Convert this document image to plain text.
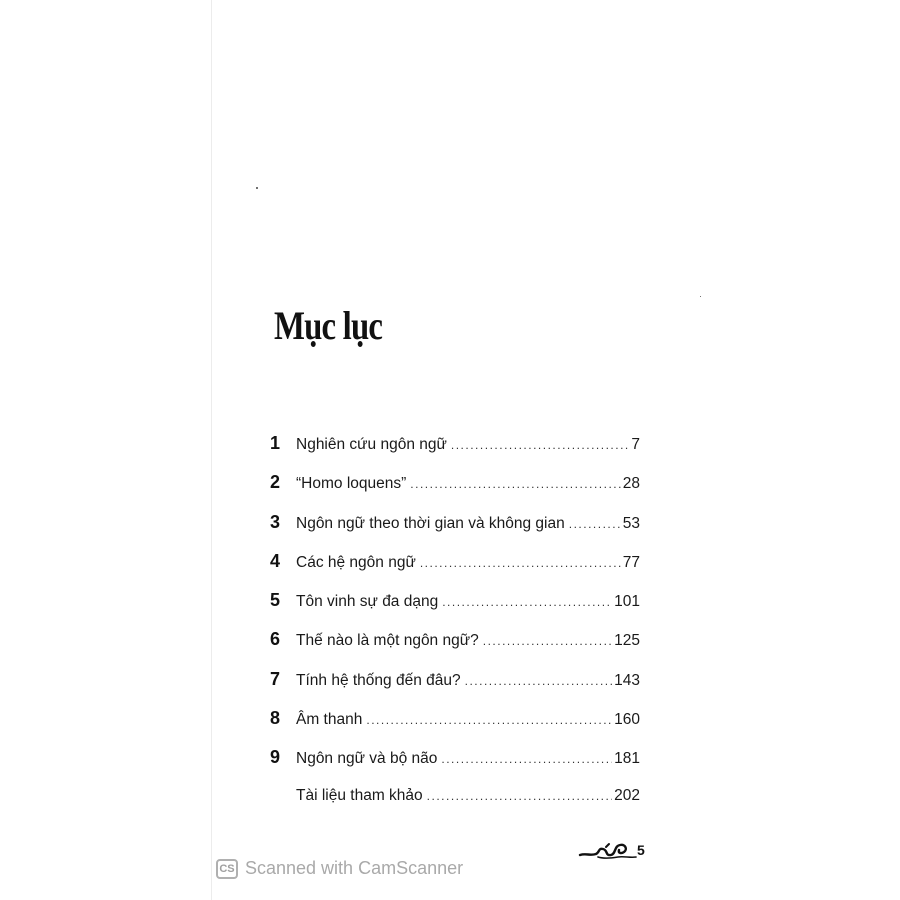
Mục lục
1	Nghiên cứu ngôn ngữ .....	7
2	“Homo loquens” .....	28
3	Ngôn ngữ theo thời gian và không gian .....	53
4	Các hệ ngôn ngữ .....	77
5	Tôn vinh sự đa dạng .....	101
6	Thế nào là một ngôn ngữ? .....	125
7	Tính hệ thống đến đâu? .....	143
8	Âm thanh .....	160
9	Ngôn ngữ và bộ não .....	181
Tài liệu tham khảo .....	202
5
CS Scanned with CamScanner
